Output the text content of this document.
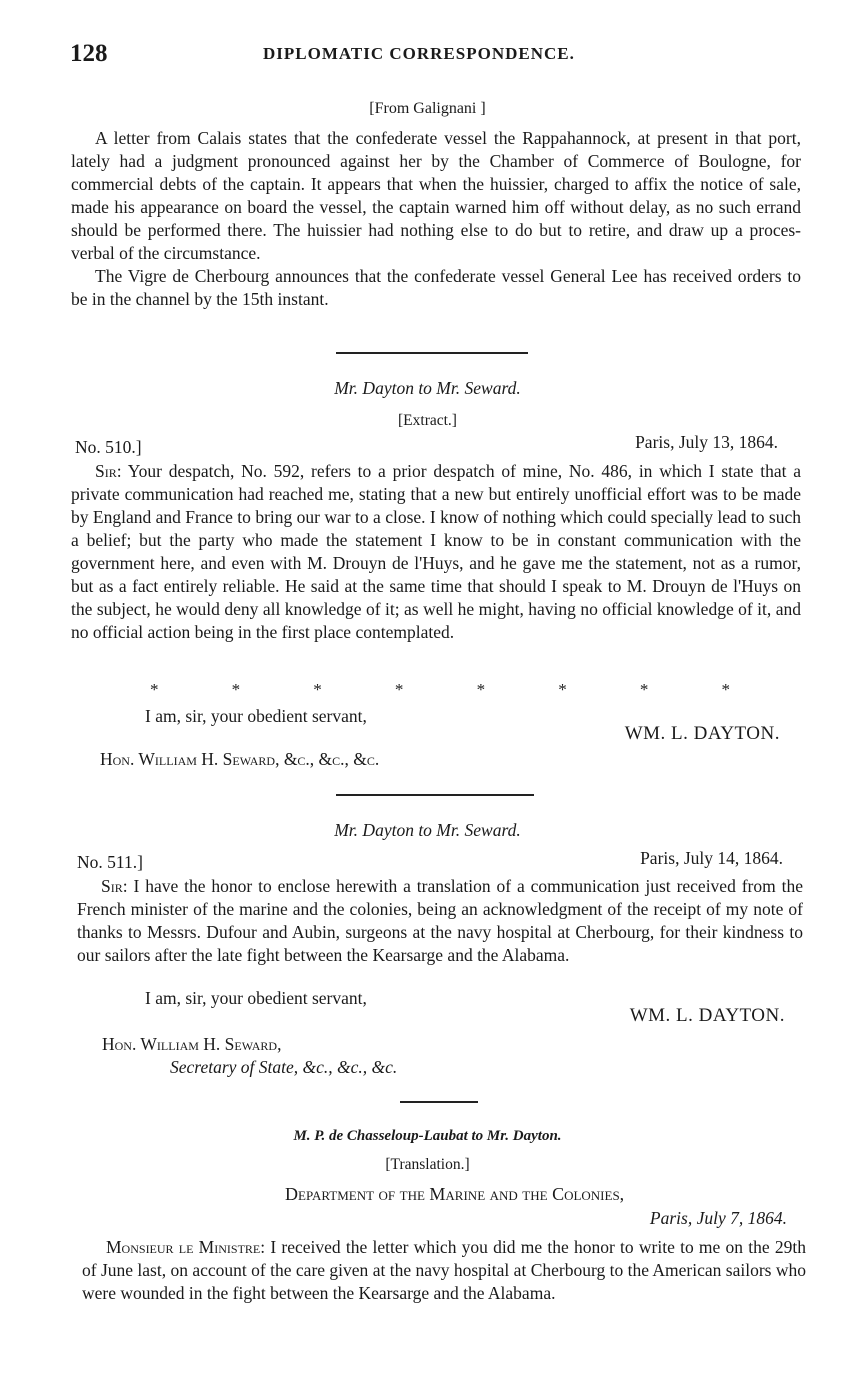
128	DIPLOMATIC CORRESPONDENCE.
[From Galignani ]

A letter from Calais states that the confederate vessel the Rappahannock, at present in that port, lately had a judgment pronounced against her by the Chamber of Commerce of Boulogne, for commercial debts of the captain. It appears that when the huissier, charged to affix the notice of sale, made his appearance on board the vessel, the captain warned him off without delay, as no such errand should be performed there. The huissier had nothing else to do but to retire, and draw up a proces-verbal of the circumstance.

The Vigre de Cherbourg announces that the confederate vessel General Lee has received orders to be in the channel by the 15th instant.

Mr. Dayton to Mr. Seward.
[Extract.]
No. 510.]	Paris, July 13, 1864.

Sir: Your despatch, No. 592, refers to a prior despatch of mine, No. 486, in which I state that a private communication had reached me, stating that a new but entirely unofficial effort was to be made by England and France to bring our war to a close. I know of nothing which could specially lead to such a belief; but the party who made the statement I know to be in constant communication with the government here, and even with M. Drouyn de l'Huys, and he gave me the statement, not as a rumor, but as a fact entirely reliable. He said at the same time that should I speak to M. Drouyn de l'Huys on the subject, he would deny all knowledge of it; as well he might, having no official knowledge of it, and no official action being in the first place contemplated.

*	*	*	*	*	*	*	*
I am, sir, your obedient servant,
WM. L. DAYTON.
Hon. William H. Seward, &c., &c., &c.
Mr. Dayton to Mr. Seward.
No. 511.]	Paris, July 14, 1864.

Sir: I have the honor to enclose herewith a translation of a communication just received from the French minister of the marine and the colonies, being an acknowledgment of the receipt of my note of thanks to Messrs. Dufour and Aubin, surgeons at the navy hospital at Cherbourg, for their kindness to our sailors after the late fight between the Kearsarge and the Alabama.

I am, sir, your obedient servant,
WM. L. DAYTON.
Hon. William H. Seward,
Secretary of State, &c., &c., &c.
M. P. de Chasseloup-Laubat to Mr. Dayton.
[Translation.]
Department of the Marine and the Colonies,
Paris, July 7, 1864.

Monsieur le Ministre: I received the letter which you did me the honor to write to me on the 29th of June last, on account of the care given at the navy hospital at Cherbourg to the American sailors who were wounded in the fight between the Kearsarge and the Alabama.
